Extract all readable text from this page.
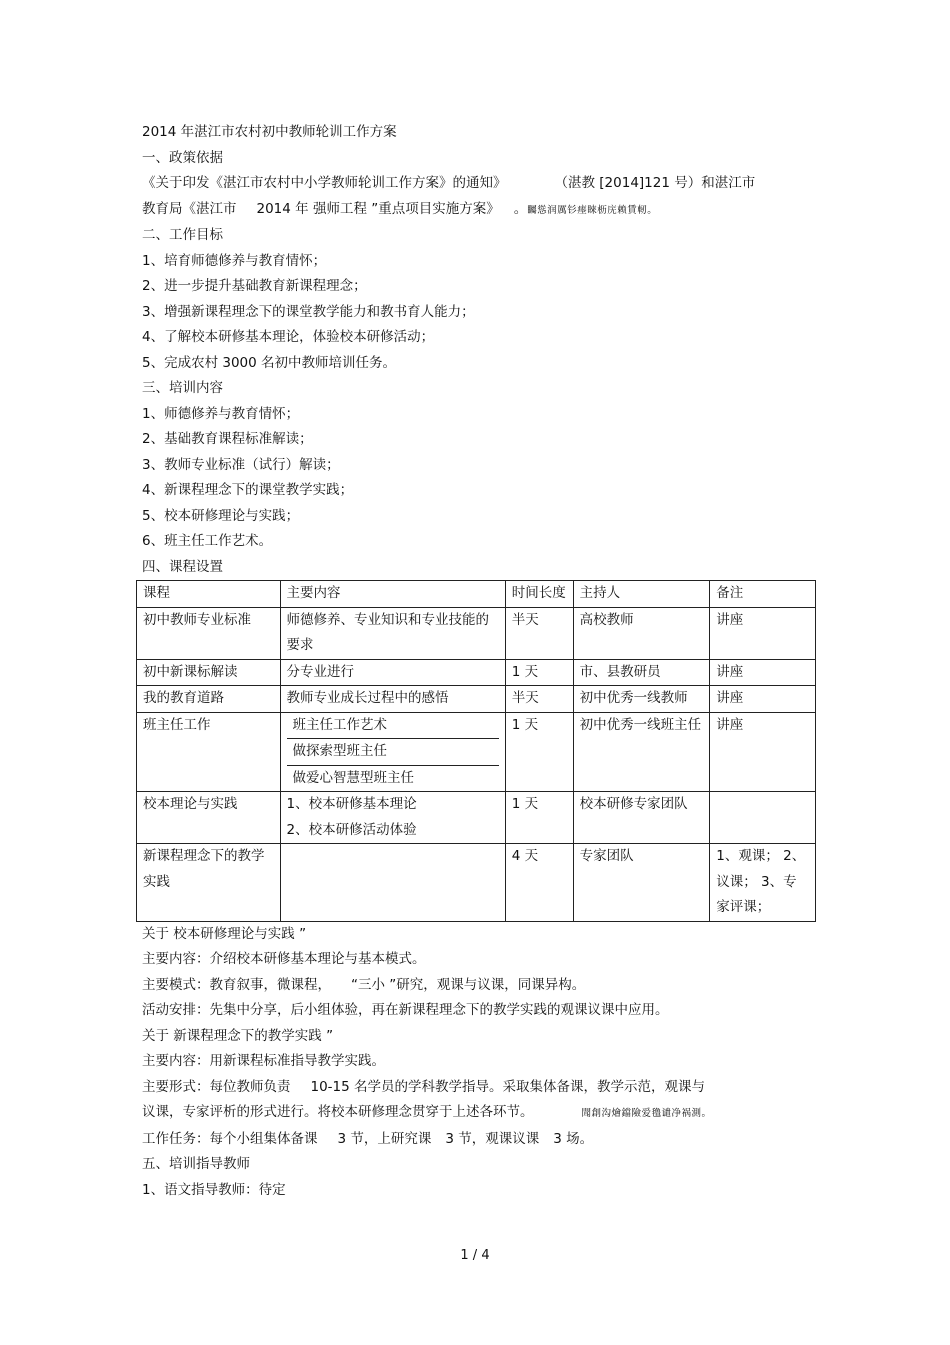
2014 年湛江市农村初中教师轮训工作方案
一、政策依据
《关于印发《湛江市农村中小学教师轮训工作方案》的通知》	（湛教 [2014]121 号）和湛江市
教育局《湛江市 2014 年 强师工程 ”重点项目实施方案》 。矚慫润厲钐瘗睞枥庑赖賃軔。
二、工作目标
1、培育师德修养与教育情怀；
2、进一步提升基础教育新课程理念；
3、增强新课程理念下的课堂教学能力和教书育人能力；
4、了解校本研修基本理论，体验校本研修活动；
5、完成农村 3000 名初中教师培训任务。
三、培训内容
1、师德修养与教育情怀；
2、基础教育课程标准解读；
3、教师专业标准（试行）解读；
4、新课程理念下的课堂教学实践；
5、校本研修理论与实践；
6、班主任工作艺术。
四、课程设置
课程	主要内容	时间长度	主持人	备注
初中教师专业标准	师德修养、专业知识和专业技能的要求	半天	高校教师	讲座
初中新课标解读	分专业进行	1 天	市、县教研员	讲座
我的教育道路	教师专业成长过程中的感悟	半天	初中优秀一线教师	讲座
班主任工作	班主任工作艺术
做探索型班主任
做爱心智慧型班主任	1 天	初中优秀一线班主任	讲座
校本理论与实践	1、校本研修基本理论
2、校本研修活动体验	1 天	校本研修专家团队	
新课程理念下的教学实践		4 天	专家团队	1、观课； 2、议课； 3、专家评课；
关于 校本研修理论与实践 ”
主要内容：介绍校本研修基本理论与基本模式。
主要模式：教育叙事，微课程， “三小 ”研究，观课与议课，同课异构。
活动安排：先集中分享，后小组体验，再在新课程理念下的教学实践的观课议课中应用。
关于 新课程理念下的教学实践 ”
主要内容：用新课程标准指导教学实践。
主要形式：每位教师负责 10-15 名学员的学科教学指导。采取集体备课，教学示范，观课与
议课，专家评析的形式进行。将校本研修理念贯穿于上述各环节。	聞創沟燴鐺險爱氇谴净祸測。
工作任务：每个小组集体备课 3 节，上研究课 3 节，观课议课 3 场。
五、培训指导教师
1、语文指导教师：待定
1 / 4
